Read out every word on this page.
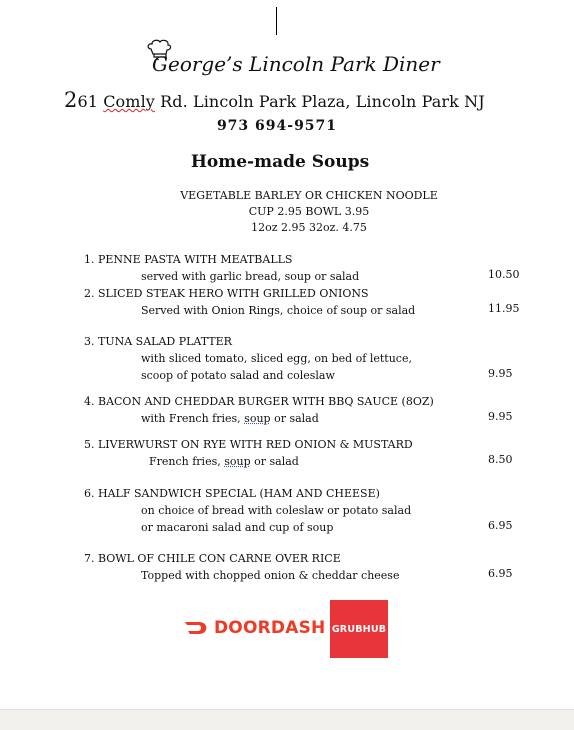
George’s Lincoln Park Diner
261 Comly Rd. Lincoln Park Plaza, Lincoln Park NJ
973 694-9571
Home-made Soups
VEGETABLE BARLEY OR CHICKEN NOODLE
CUP 2.95 BOWL 3.95
12oz 2.95 32oz. 4.75
1. PENNE PASTA WITH MEATBALLS
served with garlic bread, soup or salad	10.50
2. SLICED STEAK HERO WITH GRILLED ONIONS
Served with Onion Rings, choice of soup or salad	11.95
3. TUNA SALAD PLATTER
with sliced tomato, sliced egg, on bed of lettuce,
scoop of potato salad and coleslaw	9.95
4. BACON AND CHEDDAR BURGER WITH BBQ SAUCE (8OZ)
with French fries, soup or salad	9.95
5. LIVERWURST ON RYE WITH RED ONION & MUSTARD
French fries, soup or salad	8.50
6. HALF SANDWICH SPECIAL (HAM AND CHEESE)
on choice of bread with coleslaw or potato salad
or macaroni salad and cup of soup	6.95
7. BOWL OF CHILE CON CARNE OVER RICE
Topped with chopped onion & cheddar cheese	6.95
DOORDASH GRUBHUB
